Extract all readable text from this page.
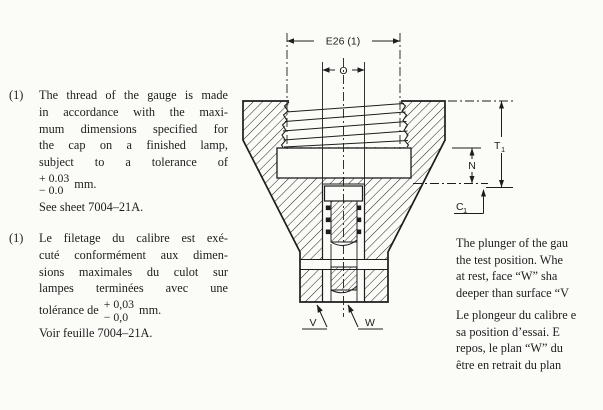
(1) The thread of the gauge is made
in accordance with the maxi-
mum dimensions specified for
the cap on a finished lamp,
subject to a tolerance of
+ 0.03
− 0.0 mm.
See sheet 7004–21A.
(1) Le filetage du calibre est exé-
cuté conformément aux dimen-
sions maximales du culot sur
lampes terminées avec une
tolérance de + 0,03
− 0,0 mm.
Voir feuille 7004–21A.
The plunger of the gau
the test position. Whe
at rest, face “W” sha
deeper than surface “V
Le plongeur du calibre e
sa position d’essai. E
repos, le plan “W” du
être en retrait du plan
E26 (1)
O
T 1
N
C 1
V	W
